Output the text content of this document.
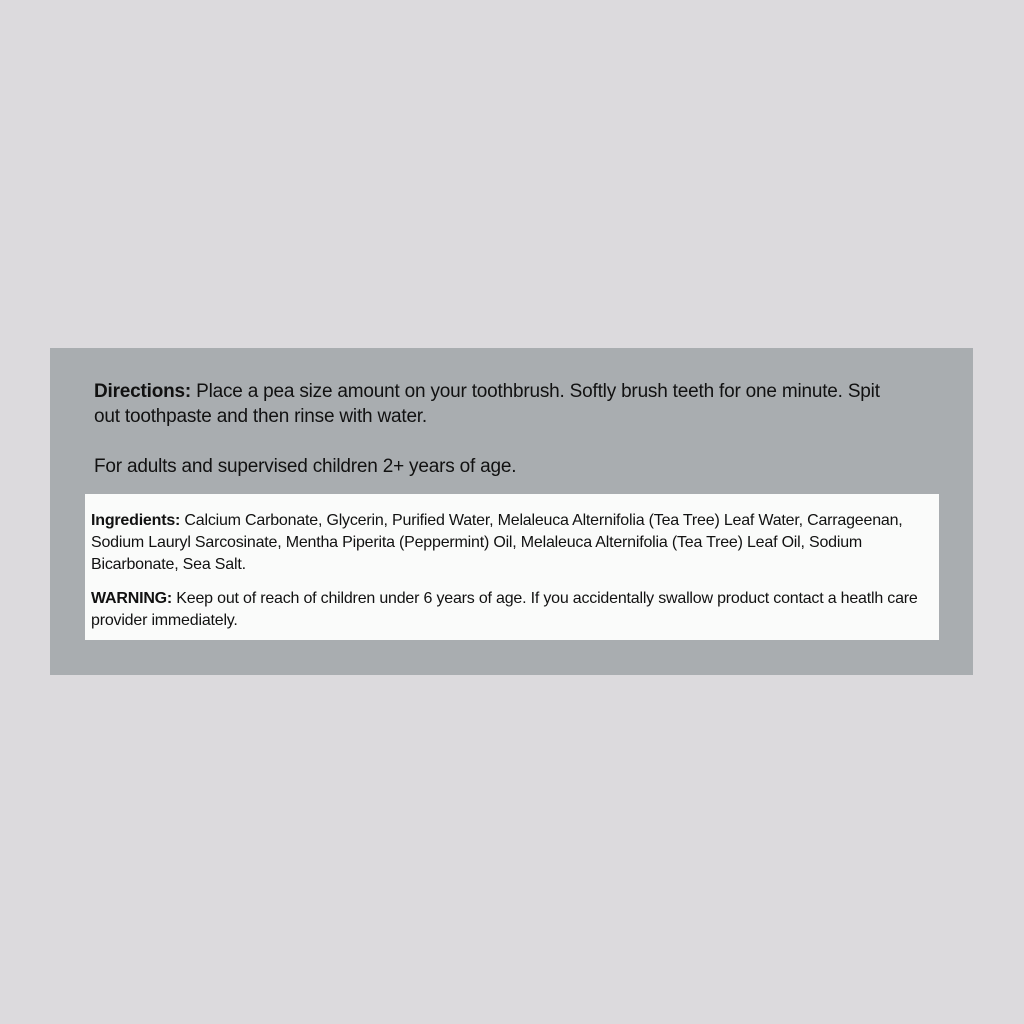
Directions: Place a pea size amount on your toothbrush. Softly brush teeth for one minute. Spit out toothpaste and then rinse with water.

For adults and supervised children 2+ years of age.

Ingredients: Calcium Carbonate, Glycerin, Purified Water, Melaleuca Alternifolia (Tea Tree) Leaf Water, Carrageenan, Sodium Lauryl Sarcosinate, Mentha Piperita (Peppermint) Oil, Melaleuca Alternifolia (Tea Tree) Leaf Oil, Sodium Bicarbonate, Sea Salt.

WARNING: Keep out of reach of children under 6 years of age. If you accidentally swallow product contact a heatlh care provider immediately.
